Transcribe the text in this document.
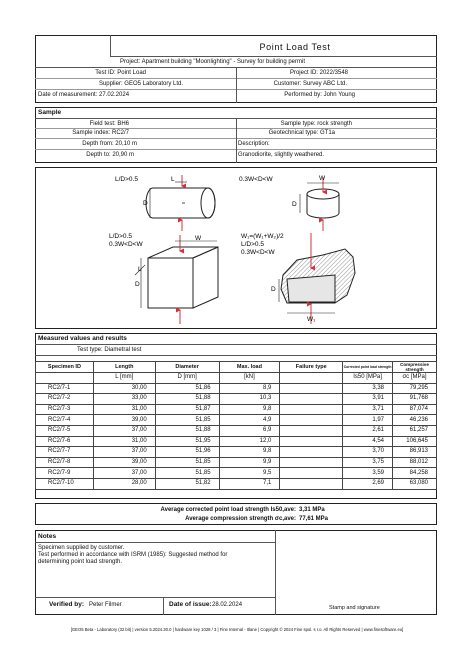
Point Load Test
Project: Apartment building "Moonlighting" - Survey for building permit
Test ID: Point Load	Project ID: 2022/3548
Supplier: GEO5 Laboratory Ltd.	Customer: Survey ABC Ltd.
Date of measurement: 27.02.2024	Performed by: John Young
Sample
Field test: BH6
Sample index: RC2/7
Depth from: 20,10 m
Depth to: 20,90 m
Sample type: rock strength
Geotechnical type: GT1a
Description:
Granodiorite, slightly weathered.
L/D>0.5	L
D
0.3W<D<W	W
D
L/D>0.5
0.3W<D<W
W
L
D
W₁=(W₁+W₂)/2
L/D>0.5
0.3W<D<W
D
W₁
Measured values and results
Test type: Diametral test
Specimen ID	Length	Diameter	Max. load	Failure type	Corrected point load strength	Compressive strength
	L [mm]	D [mm]	[kN]		Is50 [MPa]	σc [MPa]
RC2/7-1	30,00	51,86	8,9		3,38	79,295
RC2/7-2	33,00	51,88	10,3		3,91	91,768
RC2/7-3	31,00	51,87	9,8		3,71	87,074
RC2/7-4	39,00	51,85	4,9		1,97	46,236
RC2/7-5	37,00	51,88	6,9		2,61	61,257
RC2/7-6	31,00	51,95	12,0		4,54	106,645
RC2/7-7	37,00	51,96	9,8		3,70	86,913
RC2/7-8	39,00	51,85	9,9		3,75	88,012
RC2/7-9	37,00	51,85	9,5		3,59	84,258
RC2/7-10	28,00	51,82	7,1		2,69	63,080
Average corrected point load strength Is50,ave: 3,31 MPa
Average compression strength σc,ave: 77,61 MPa
Notes
Specimen supplied by customer.
Test performed in accordance with ISRM (1985): Suggested method for
determining point load strength.
Verified by: Peter Filmer	Date of issue: 28.02.2024	Stamp and signature
[GEO5 Beta - Laboratory (32 bit) | version 5.2024.30.0 | hardware key 1028 / 3 | Fine Internal - Itlane | Copyright © 2024 Fine spol. s r.o. All Rights Reserved | www.finesoftware.eu]
